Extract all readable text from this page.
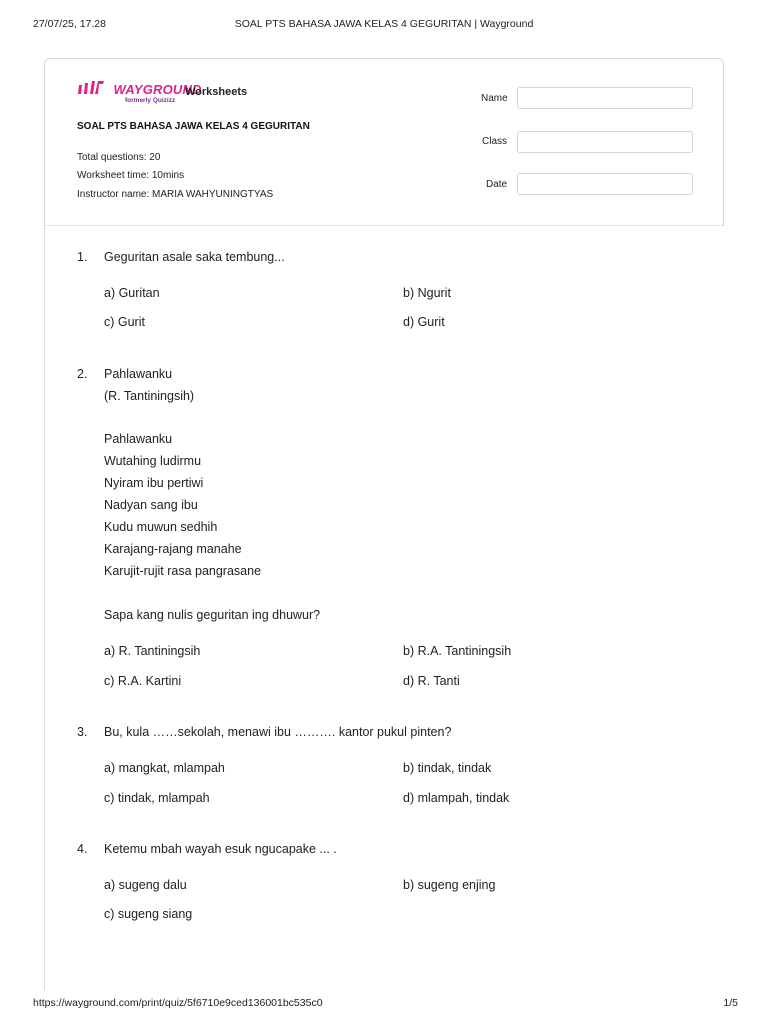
27/07/25, 17.28	SOAL PTS BAHASA JAWA KELAS 4 GEGURITAN | Wayground
WAYGROUND
formerly Quizizz
Worksheets
SOAL PTS BAHASA JAWA KELAS 4 GEGURITAN
Total questions: 20
Worksheet time: 10mins
Instructor name: MARIA WAHYUNINGTYAS
Name
Class
Date
1. Geguritan asale saka tembung...
a) Guritan	b) Ngurit
c) Gurit	d) Gurit
2. Pahlawanku
(R. Tantiningsih)
Pahlawanku
Wutahing ludirmu
Nyiram ibu pertiwi
Nadyan sang ibu
Kudu muwun sedhih
Karajang-rajang manahe
Karujit-rujit rasa pangrasane
Sapa kang nulis geguritan ing dhuwur?
a) R. Tantiningsih	b) R.A. Tantiningsih
c) R.A. Kartini	d) R. Tanti
3. Bu, kula ……sekolah, menawi ibu ………. kantor pukul pinten?
a) mangkat, mlampah	b) tindak, tindak
c) tindak, mlampah	d) mlampah, tindak
4. Ketemu mbah wayah esuk ngucapake ... .
a) sugeng dalu	b) sugeng enjing
c) sugeng siang
https://wayground.com/print/quiz/5f6710e9ced136001bc535c0	1/5
